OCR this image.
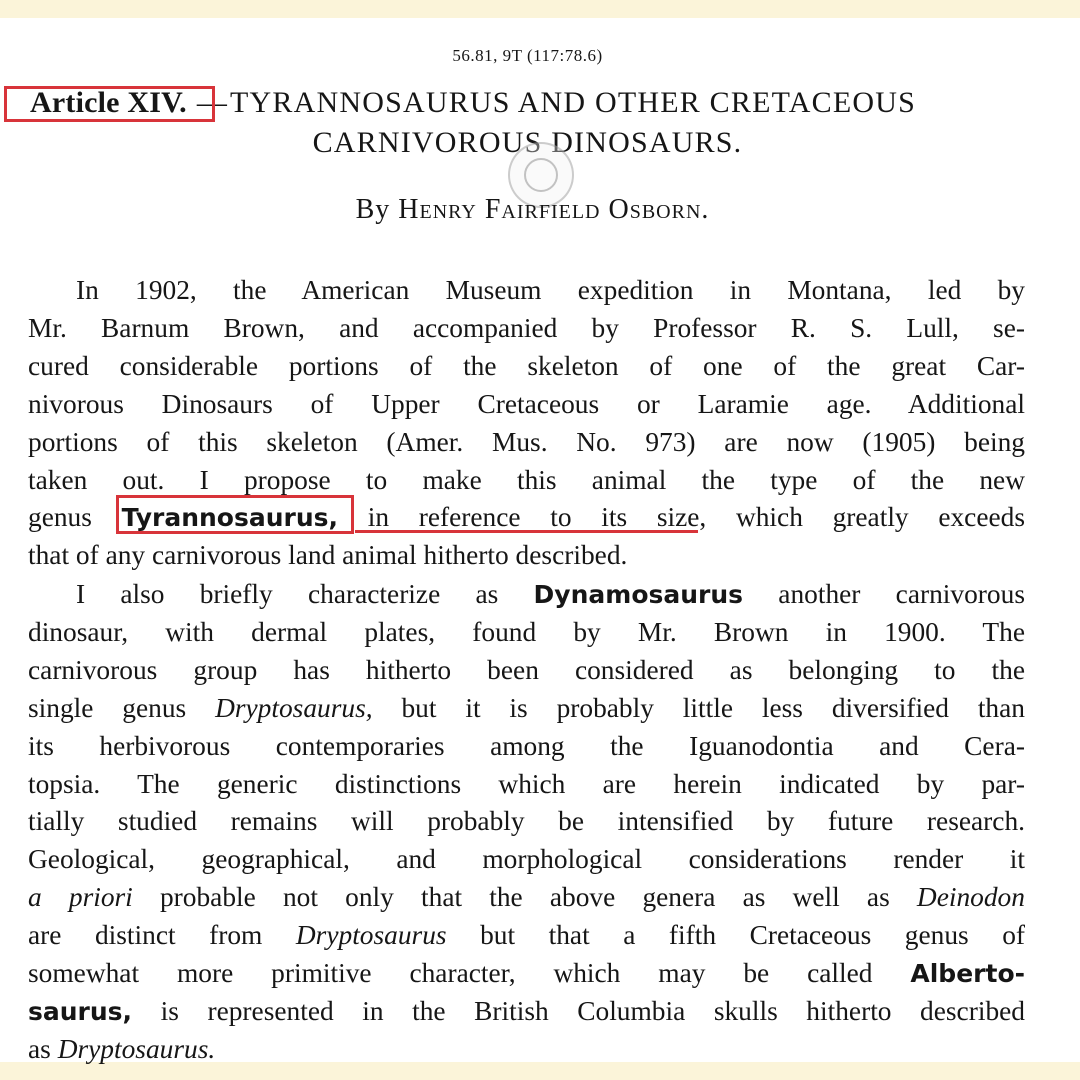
56.81, 9T (117:78.6)
Article XIV. —TYRANNOSAURUS AND OTHER CRETACEOUS
CARNIVOROUS DINOSAURS.
By Henry Fairfield Osborn.
In 1902, the American Museum expedition in Montana, led by
Mr. Barnum Brown, and accompanied by Professor R. S. Lull, se-
cured considerable portions of the skeleton of one of the great Car-
nivorous Dinosaurs of Upper Cretaceous or Laramie age. Additional
portions of this skeleton (Amer. Mus. No. 973) are now (1905) being
taken out. I propose to make this animal the type of the new
genus Tyrannosaurus, in reference to its size, which greatly exceeds
that of any carnivorous land animal hitherto described.
I also briefly characterize as Dynamosaurus another carnivorous
dinosaur, with dermal plates, found by Mr. Brown in 1900. The
carnivorous group has hitherto been considered as belonging to the
single genus Dryptosaurus, but it is probably little less diversified than
its herbivorous contemporaries among the Iguanodontia and Cera-
topsia. The generic distinctions which are herein indicated by par-
tially studied remains will probably be intensified by future research.
Geological, geographical, and morphological considerations render it
a priori probable not only that the above genera as well as Deinodon
are distinct from Dryptosaurus but that a fifth Cretaceous genus of
somewhat more primitive character, which may be called Alberto-
saurus, is represented in the British Columbia skulls hitherto described
as Dryptosaurus.
